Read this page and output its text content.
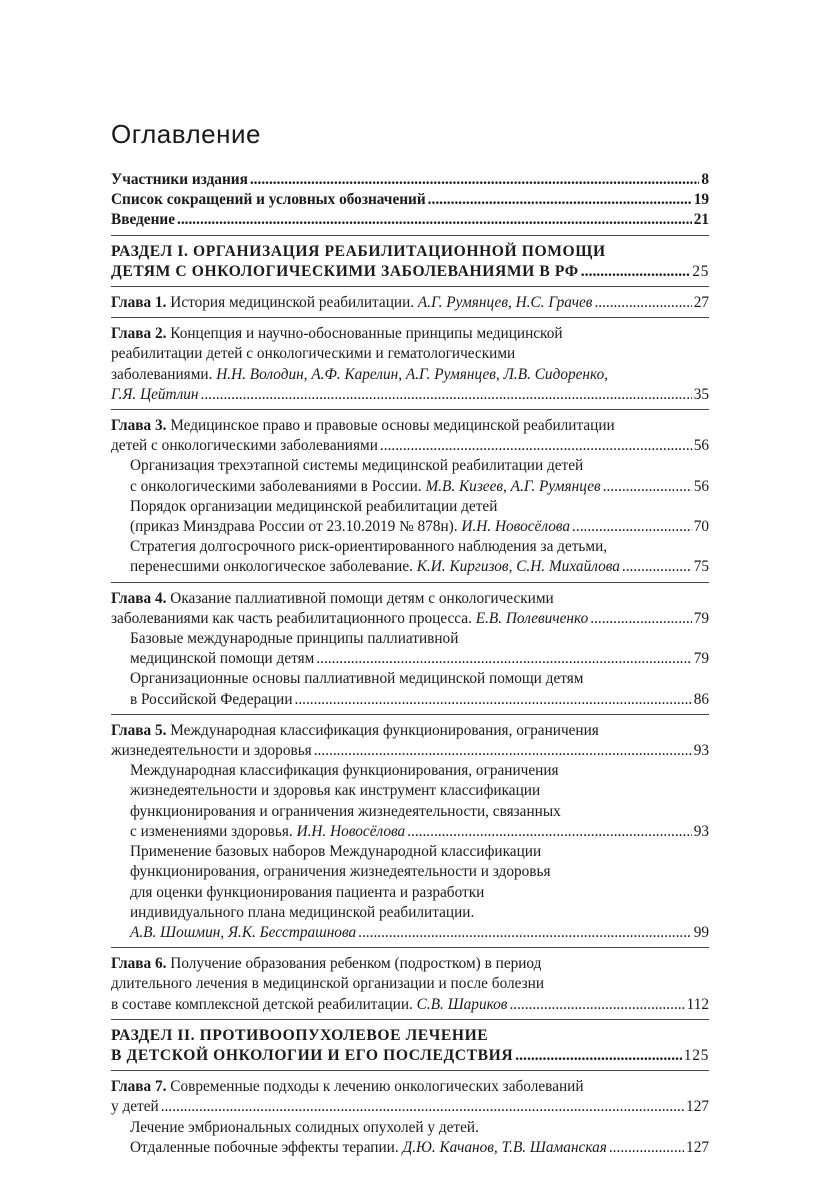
Оглавление
Участники издания .....	8
Список сокращений и условных обозначений .....	19
Введение .....	21
РАЗДЕЛ I. ОРГАНИЗАЦИЯ РЕАБИЛИТАЦИОННОЙ ПОМОЩИ
ДЕТЯМ С ОНКОЛОГИЧЕСКИМИ ЗАБОЛЕВАНИЯМИ В РФ .....	25
Глава 1. История медицинской реабилитации. А.Г. Румянцев, Н.С. Грачев .....	27
Глава 2. Концепция и научно-обоснованные принципы медицинской
реабилитации детей с онкологическими и гематологическими
заболеваниями. Н.Н. Володин, А.Ф. Карелин, А.Г. Румянцев, Л.В. Сидоренко,
Г.Я. Цейтлин .....	35
Глава 3. Медицинское право и правовые основы медицинской реабилитации
детей с онкологическими заболеваниями .....	56
Организация трехэтапной системы медицинской реабилитации детей
с онкологическими заболеваниями в России. М.В. Кизеев, А.Г. Румянцев .....	56
Порядок организации медицинской реабилитации детей
(приказ Минздрава России от 23.10.2019 № 878н). И.Н. Новосёлова .....	70
Стратегия долгосрочного риск-ориентированного наблюдения за детьми,
перенесшими онкологическое заболевание. К.И. Киргизов, С.Н. Михайлова .....	75
Глава 4. Оказание паллиативной помощи детям с онкологическими
заболеваниями как часть реабилитационного процесса. Е.В. Полевиченко .....	79
Базовые международные принципы паллиативной
медицинской помощи детям .....	79
Организационные основы паллиативной медицинской помощи детям
в Российской Федерации .....	86
Глава 5. Международная классификация функционирования, ограничения
жизнедеятельности и здоровья .....	93
Международная классификация функционирования, ограничения
жизнедеятельности и здоровья как инструмент классификации
функционирования и ограничения жизнедеятельности, связанных
с изменениями здоровья. И.Н. Новосёлова .....	93
Применение базовых наборов Международной классификации
функционирования, ограничения жизнедеятельности и здоровья
для оценки функционирования пациента и разработки
индивидуального плана медицинской реабилитации.
А.В. Шошмин, Я.К. Бесстрашнова .....	99
Глава 6. Получение образования ребенком (подростком) в период
длительного лечения в медицинской организации и после болезни
в составе комплексной детской реабилитации. С.В. Шариков .....	112
РАЗДЕЛ II. ПРОТИВООПУХОЛЕВОЕ ЛЕЧЕНИЕ
В ДЕТСКОЙ ОНКОЛОГИИ И ЕГО ПОСЛЕДСТВИЯ .....	125
Глава 7. Современные подходы к лечению онкологических заболеваний
у детей .....	127
Лечение эмбриональных солидных опухолей у детей.
Отдаленные побочные эффекты терапии. Д.Ю. Качанов, Т.В. Шаманская .....	127
